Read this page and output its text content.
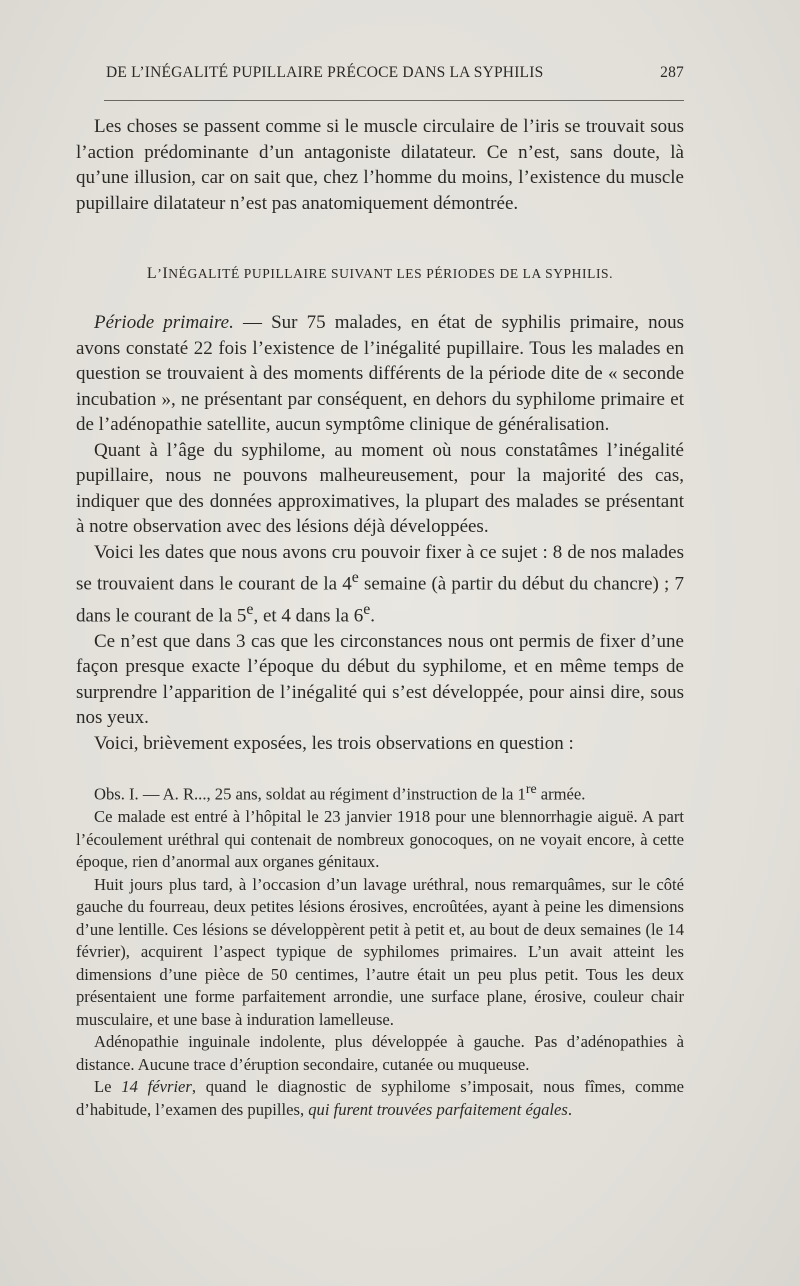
DE L’INÉGALITÉ PUPILLAIRE PRÉCOCE DANS LA SYPHILIS	287

Les choses se passent comme si le muscle circulaire de l’iris se trouvait sous l’action prédominante d’un antagoniste dilatateur. Ce n’est, sans doute, là qu’une illusion, car on sait que, chez l’homme du moins, l’existence du muscle pupillaire dilatateur n’est pas anatomiquement démontrée.

L’INÉGALITÉ PUPILLAIRE SUIVANT LES PÉRIODES DE LA SYPHILIS.

Période primaire. — Sur 75 malades, en état de syphilis primaire, nous avons constaté 22 fois l’existence de l’inégalité pupillaire. Tous les malades en question se trouvaient à des moments différents de la période dite de « seconde incubation », ne présentant par conséquent, en dehors du syphilome primaire et de l’adénopathie satellite, aucun symptôme clinique de généralisation.

Quant à l’âge du syphilome, au moment où nous constatâmes l’inégalité pupillaire, nous ne pouvons malheureusement, pour la majorité des cas, indiquer que des données approximatives, la plupart des malades se présentant à notre observation avec des lésions déjà développées.

Voici les dates que nous avons cru pouvoir fixer à ce sujet : 8 de nos malades se trouvaient dans le courant de la 4e semaine (à partir du début du chancre) ; 7 dans le courant de la 5e, et 4 dans la 6e.

Ce n’est que dans 3 cas que les circonstances nous ont permis de fixer d’une façon presque exacte l’époque du début du syphilome, et en même temps de surprendre l’apparition de l’inégalité qui s’est développée, pour ainsi dire, sous nos yeux.

Voici, brièvement exposées, les trois observations en question :

Obs. I. — A. R..., 25 ans, soldat au régiment d’instruction de la 1re armée.

Ce malade est entré à l’hôpital le 23 janvier 1918 pour une blennorrhagie aiguë. A part l’écoulement uréthral qui contenait de nombreux gonocoques, on ne voyait encore, à cette époque, rien d’anormal aux organes génitaux.

Huit jours plus tard, à l’occasion d’un lavage uréthral, nous remarquâmes, sur le côté gauche du fourreau, deux petites lésions érosives, encroûtées, ayant à peine les dimensions d’une lentille. Ces lésions se développèrent petit à petit et, au bout de deux semaines (le 14 février), acquirent l’aspect typique de syphilomes primaires. L’un avait atteint les dimensions d’une pièce de 50 centimes, l’autre était un peu plus petit. Tous les deux présentaient une forme parfaitement arrondie, une surface plane, érosive, couleur chair musculaire, et une base à induration lamelleuse.

Adénopathie inguinale indolente, plus développée à gauche. Pas d’adénopathies à distance. Aucune trace d’éruption secondaire, cutanée ou muqueuse.

Le 14 février, quand le diagnostic de syphilome s’imposait, nous fîmes, comme d’habitude, l’examen des pupilles, qui furent trouvées parfaitement égales.
